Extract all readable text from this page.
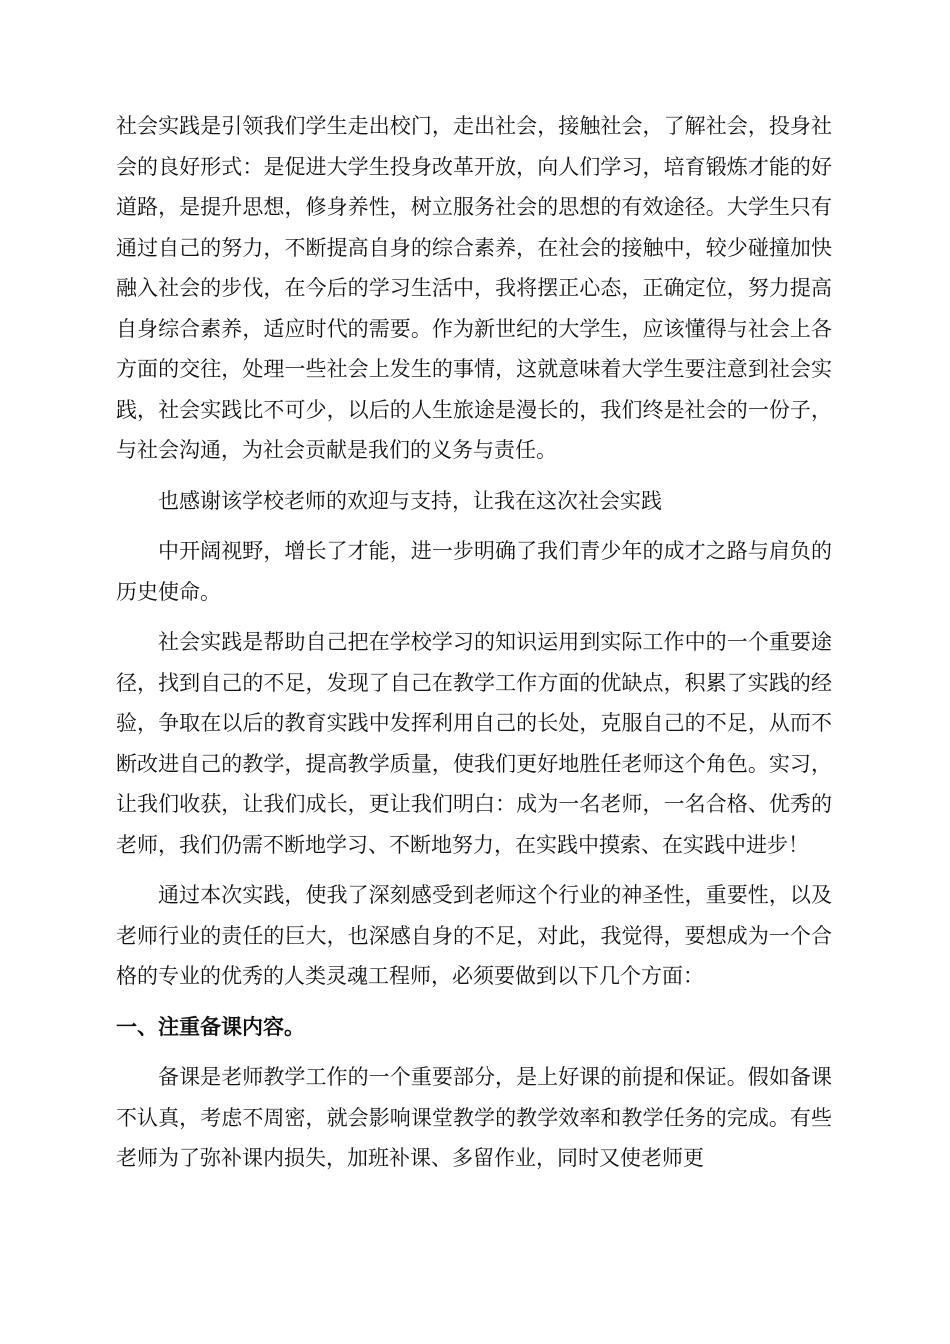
社会实践是引领我们学生走出校门，走出社会，接触社会，了解社会，投身社会的良好形式：是促进大学生投身改革开放，向人们学习，培育锻炼才能的好道路，是提升思想，修身养性，树立服务社会的思想的有效途径。大学生只有通过自己的努力，不断提高自身的综合素养，在社会的接触中，较少碰撞加快融入社会的步伐，在今后的学习生活中，我将摆正心态，正确定位，努力提高自身综合素养，适应时代的需要。作为新世纪的大学生，应该懂得与社会上各方面的交往，处理一些社会上发生的事情，这就意味着大学生要注意到社会实践，社会实践比不可少，以后的人生旅途是漫长的，我们终是社会的一份子，与社会沟通，为社会贡献是我们的义务与责任。

也感谢该学校老师的欢迎与支持，让我在这次社会实践

中开阔视野，增长了才能，进一步明确了我们青少年的成才之路与肩负的历史使命。

社会实践是帮助自己把在学校学习的知识运用到实际工作中的一个重要途径，找到自己的不足，发现了自己在教学工作方面的优缺点，积累了实践的经验，争取在以后的教育实践中发挥利用自己的长处，克服自己的不足，从而不断改进自己的教学，提高教学质量，使我们更好地胜任老师这个角色。实习，让我们收获，让我们成长，更让我们明白：成为一名老师，一名合格、优秀的老师，我们仍需不断地学习、不断地努力，在实践中摸索、在实践中进步！

通过本次实践，使我了深刻感受到老师这个行业的神圣性，重要性，以及老师行业的责任的巨大，也深感自身的不足，对此，我觉得，要想成为一个合格的专业的优秀的人类灵魂工程师，必须要做到以下几个方面：

一、注重备课内容。

备课是老师教学工作的一个重要部分，是上好课的前提和保证。假如备课不认真，考虑不周密，就会影响课堂教学的教学效率和教学任务的完成。有些老师为了弥补课内损失，加班补课、多留作业，同时又使老师更
